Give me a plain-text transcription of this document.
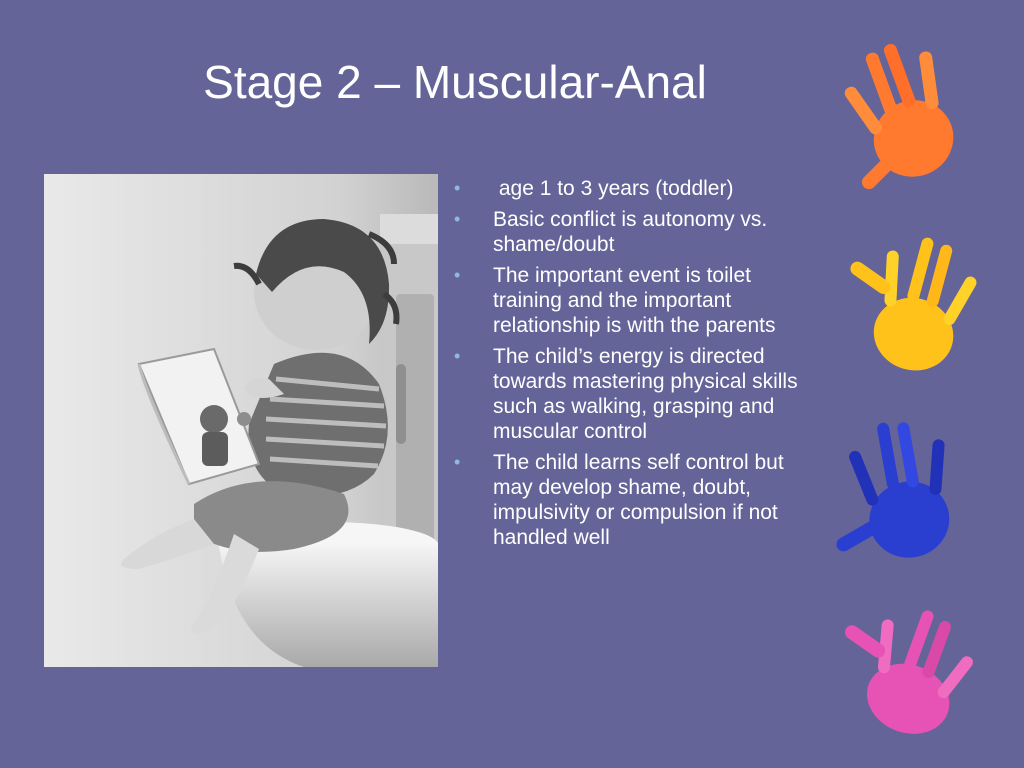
Stage 2 – Muscular-Anal
• age 1 to 3 years (toddler)
• Basic conflict is autonomy vs. shame/doubt
• The important event is toilet training and the important relationship is with the parents
• The child’s energy is directed towards mastering physical skills such as walking, grasping and muscular control
• The child learns self control but may develop shame, doubt, impulsivity or compulsion if not handled well
